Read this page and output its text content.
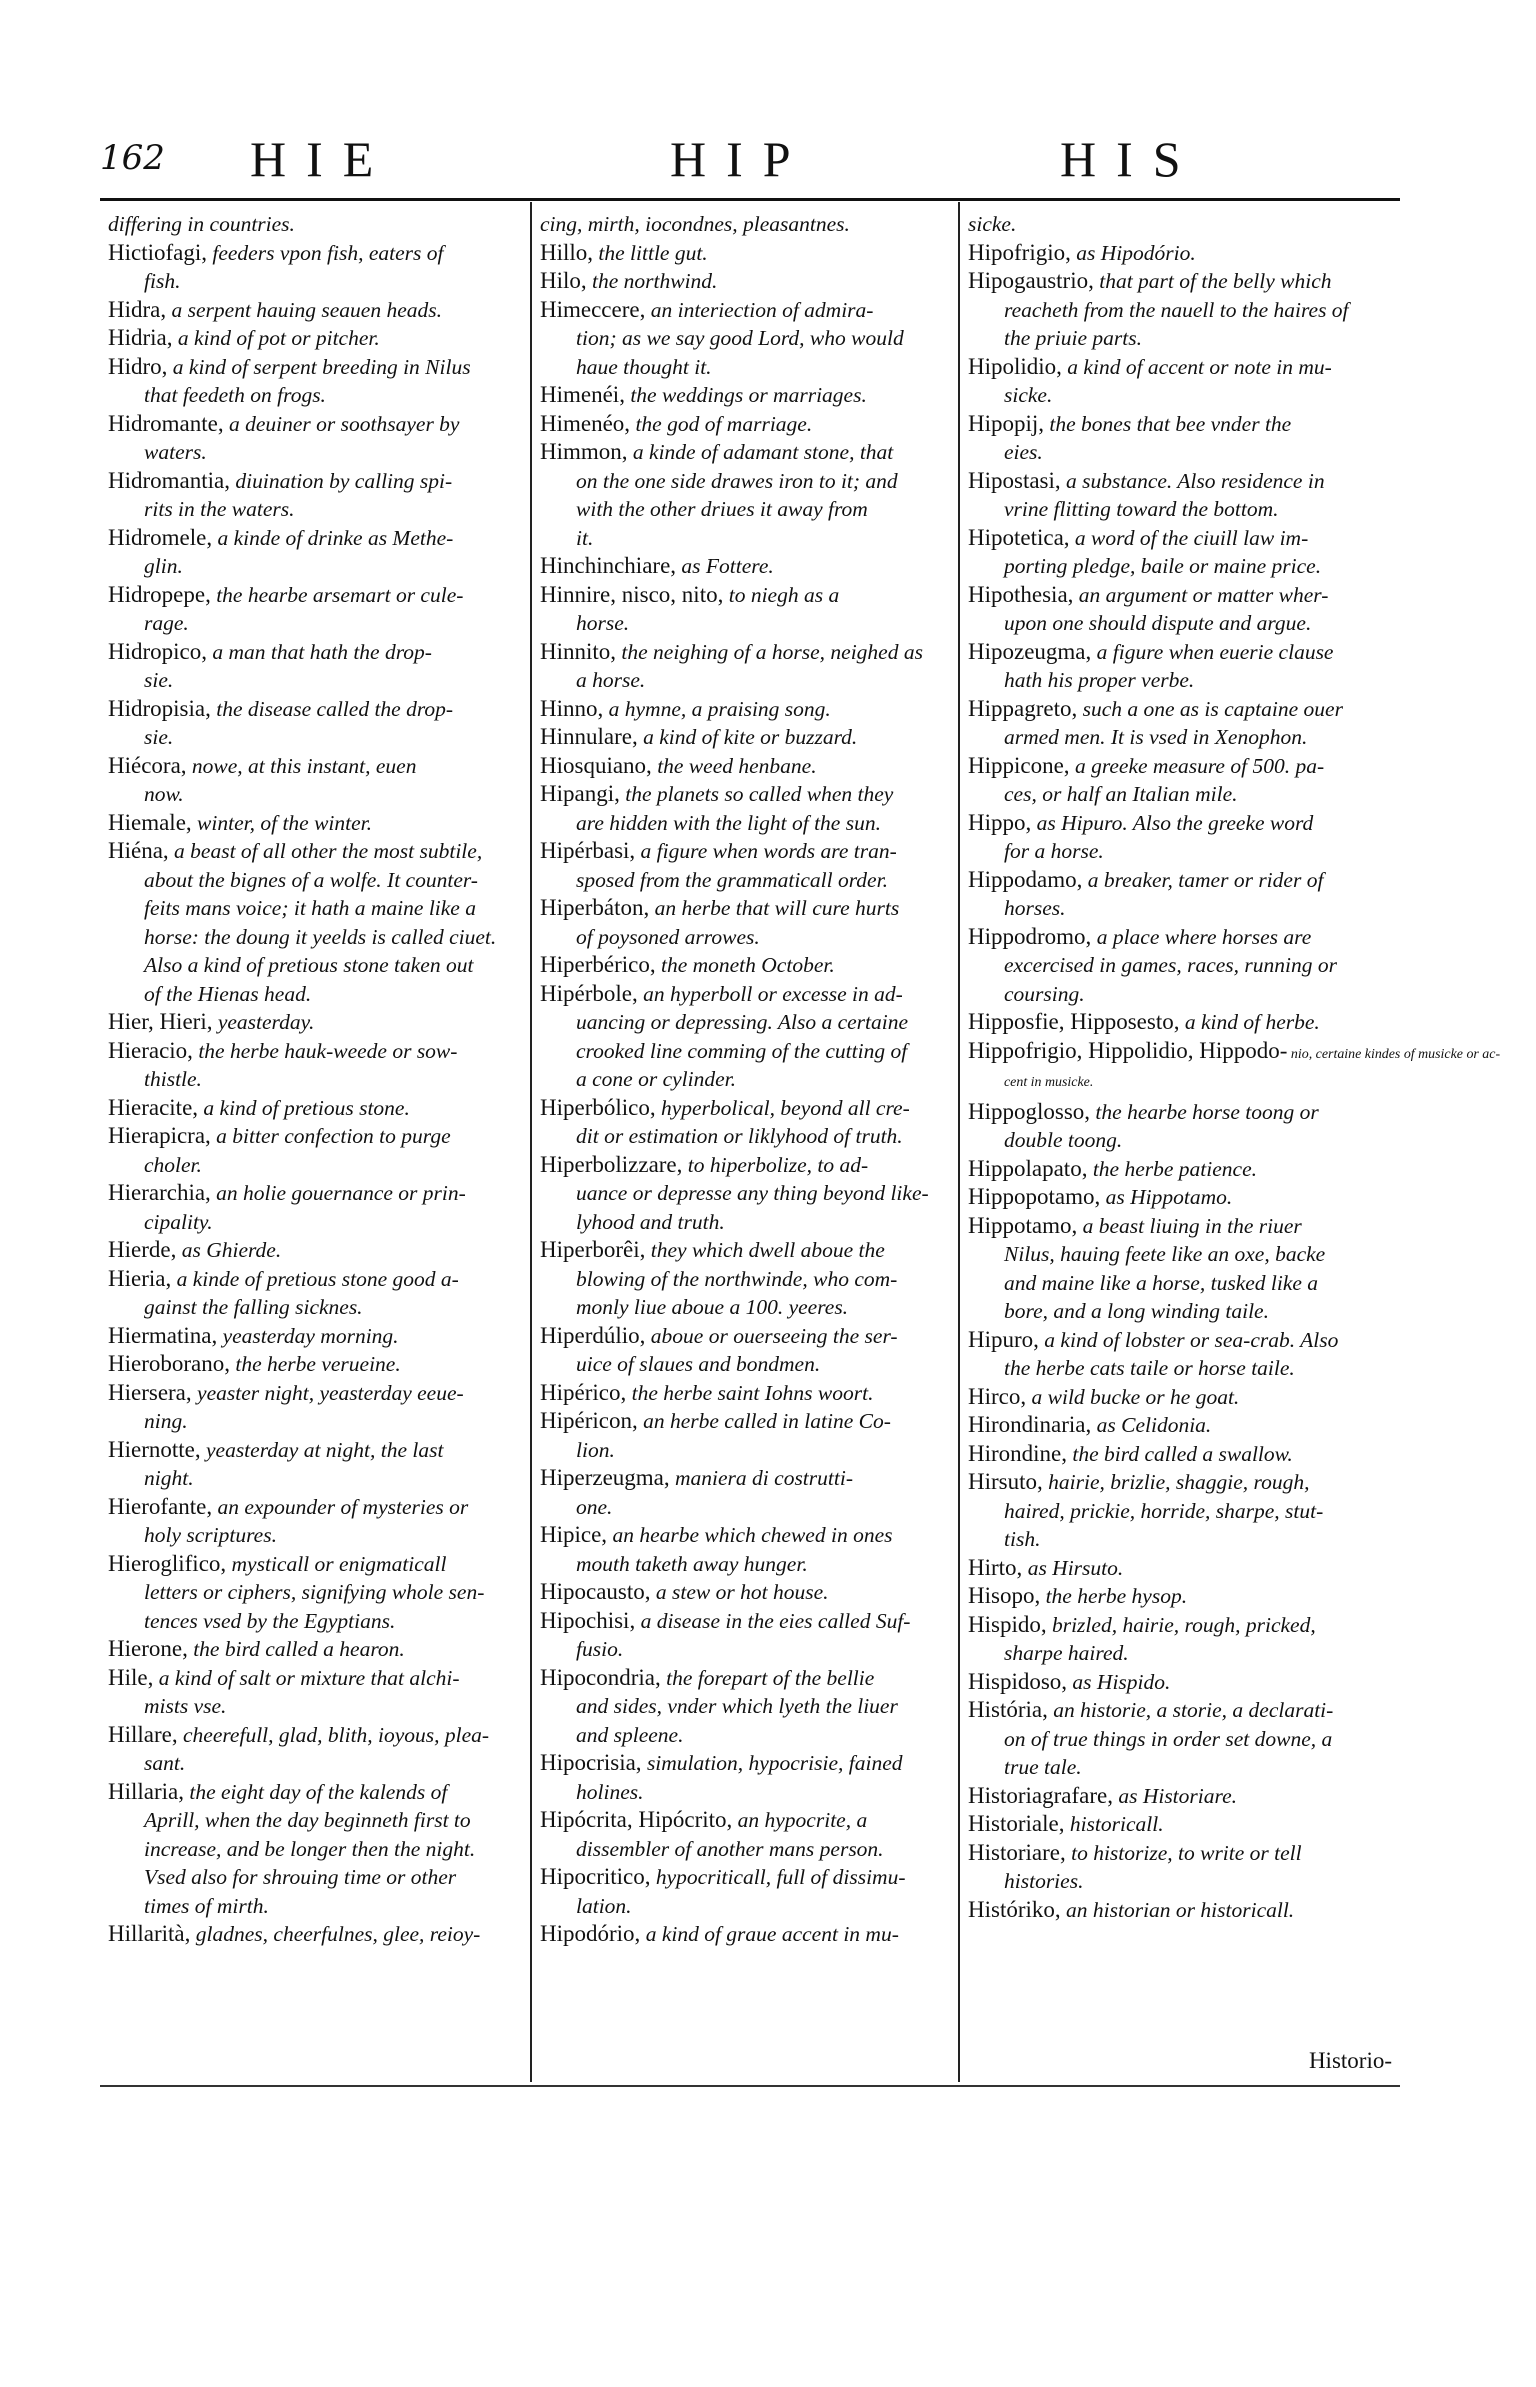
162 HIE	HIP	HIS

differing in countries.

Hictiofagi, feeders vpon fish, eaters of
fish.

Hidra, a serpent hauing seauen heads.

Hidria, a kind of pot or pitcher.

Hidro, a kind of serpent breeding in Nilus
that feedeth on frogs.

Hidromante, a deuiner or soothsayer by
waters.

Hidromantia, diuination by calling spi-
rits in the waters.

Hidromele, a kinde of drinke as Methe-
glin.

Hidropepe, the hearbe arsemart or cule-
rage.

Hidropico, a man that hath the drop-
sie.

Hidropisia, the disease called the drop-
sie.

Hiécora, nowe, at this instant, euen
now.

Hiemale, winter, of the winter.

Hiéna, a beast of all other the most subtile,
about the bignes of a wolfe. It counter-
feits mans voice; it hath a maine like a
horse: the doung it yeelds is called ciuet.
Also a kind of pretious stone taken out
of the Hienas head.

Hier, Hieri, yeasterday.

Hieracio, the herbe hauk-weede or sow-
thistle.

Hieracite, a kind of pretious stone.

Hierapicra, a bitter confection to purge
choler.

Hierarchia, an holie gouernance or prin-
cipality.

Hierde, as Ghierde.

Hieria, a kinde of pretious stone good a-
gainst the falling sicknes.

Hiermatina, yeasterday morning.

Hieroborano, the herbe verueine.

Hiersera, yeaster night, yeasterday eeue-
ning.

Hiernotte, yeasterday at night, the last
night.

Hierofante, an expounder of mysteries or
holy scriptures.

Hieroglifico, mysticall or enigmaticall
letters or ciphers, signifying whole sen-
tences vsed by the Egyptians.

Hierone, the bird called a hearon.

Hile, a kind of salt or mixture that alchi-
mists vse.

Hillare, cheerefull, glad, blith, ioyous, plea-
sant.

Hillaria, the eight day of the kalends of
Aprill, when the day beginneth first to
increase, and be longer then the night.
Vsed also for shrouing time or other
times of mirth.

Hillarità, gladnes, cheerfulnes, glee, reioy-

cing, mirth, iocondnes, pleasantnes.

Hillo, the little gut.

Hilo, the northwind.

Himeccere, an interiection of admira-
tion; as we say good Lord, who would
haue thought it.

Himenéi, the weddings or marriages.

Himenéo, the god of marriage.

Himmon, a kinde of adamant stone, that
on the one side drawes iron to it; and
with the other driues it away from
it.

Hinchinchiare, as Fottere.

Hinnire, nisco, nito, to niegh as a
horse.

Hinnito, the neighing of a horse, neighed as
a horse.

Hinno, a hymne, a praising song.

Hinnulare, a kind of kite or buzzard.

Hiosquiano, the weed henbane.

Hipangi, the planets so called when they
are hidden with the light of the sun.

Hipérbasi, a figure when words are tran-
sposed from the grammaticall order.

Hiperbáton, an herbe that will cure hurts
of poysoned arrowes.

Hiperbérico, the moneth October.

Hipérbole, an hyperboll or excesse in ad-
uancing or depressing. Also a certaine
crooked line comming of the cutting of
a cone or cylinder.

Hiperbólico, hyperbolical, beyond all cre-
dit or estimation or liklyhood of truth.

Hiperbolizzare, to hiperbolize, to ad-
uance or depresse any thing beyond like-
lyhood and truth.

Hiperborêi, they which dwell aboue the
blowing of the northwinde, who com-
monly liue aboue a 100. yeeres.

Hiperdúlio, aboue or ouerseeing the ser-
uice of slaues and bondmen.

Hipérico, the herbe saint Iohns woort.

Hipéricon, an herbe called in latine Co-
lion.

Hiperzeugma, maniera di costrutti-
one.

Hipice, an hearbe which chewed in ones
mouth taketh away hunger.

Hipocausto, a stew or hot house.

Hipochisi, a disease in the eies called Suf-
fusio.

Hipocondria, the forepart of the bellie
and sides, vnder which lyeth the liuer
and spleene.

Hipocrisia, simulation, hypocrisie, fained
holines.

Hipócrita, Hipócrito, an hypocrite, a
dissembler of another mans person.

Hipocritico, hypocriticall, full of dissimu-
lation.

Hipodório, a kind of graue accent in mu-

sicke.

Hipofrigio, as Hipodório.

Hipogaustrio, that part of the belly which
reacheth from the nauell to the haires of
the priuie parts.

Hipolidio, a kind of accent or note in mu-
sicke.

Hipopij, the bones that bee vnder the
eies.

Hipostasi, a substance. Also residence in
vrine flitting toward the bottom.

Hipotetica, a word of the ciuill law im-
porting pledge, baile or maine price.

Hipothesia, an argument or matter wher-
upon one should dispute and argue.

Hipozeugma, a figure when euerie clause
hath his proper verbe.

Hippagreto, such a one as is captaine ouer
armed men. It is vsed in Xenophon.

Hippicone, a greeke measure of 500. pa-
ces, or half an Italian mile.

Hippo, as Hipuro. Also the greeke word
for a horse.

Hippodamo, a breaker, tamer or rider of
horses.

Hippodromo, a place where horses are
excercised in games, races, running or
coursing.

Hipposfie, Hipposesto, a kind of herbe.

Hippofrigio, Hippolidio, Hippodo- nio, certaine kindes of musicke or ac-
cent in musicke.

Hippoglosso, the hearbe horse toong or
double toong.

Hippolapato, the herbe patience.

Hippopotamo, as Hippotamo.

Hippotamo, a beast liuing in the riuer
Nilus, hauing feete like an oxe, backe
and maine like a horse, tusked like a
bore, and a long winding taile.

Hipuro, a kind of lobster or sea-crab. Also
the herbe cats taile or horse taile.

Hirco, a wild bucke or he goat.

Hirondinaria, as Celidonia.

Hirondine, the bird called a swallow.

Hirsuto, hairie, brizlie, shaggie, rough,
haired, prickie, horride, sharpe, stut-
tish.

Hirto, as Hirsuto.

Hisopo, the herbe hysop.

Hispido, brizled, hairie, rough, pricked,
sharpe haired.

Hispidoso, as Hispido.

História, an historie, a storie, a declarati-
on of true things in order set downe, a
true tale.

Historiagrafare, as Historiare.

Historiale, historicall.

Historiare, to historize, to write or tell
histories.

Históriko, an historian or historicall.

Historio-
